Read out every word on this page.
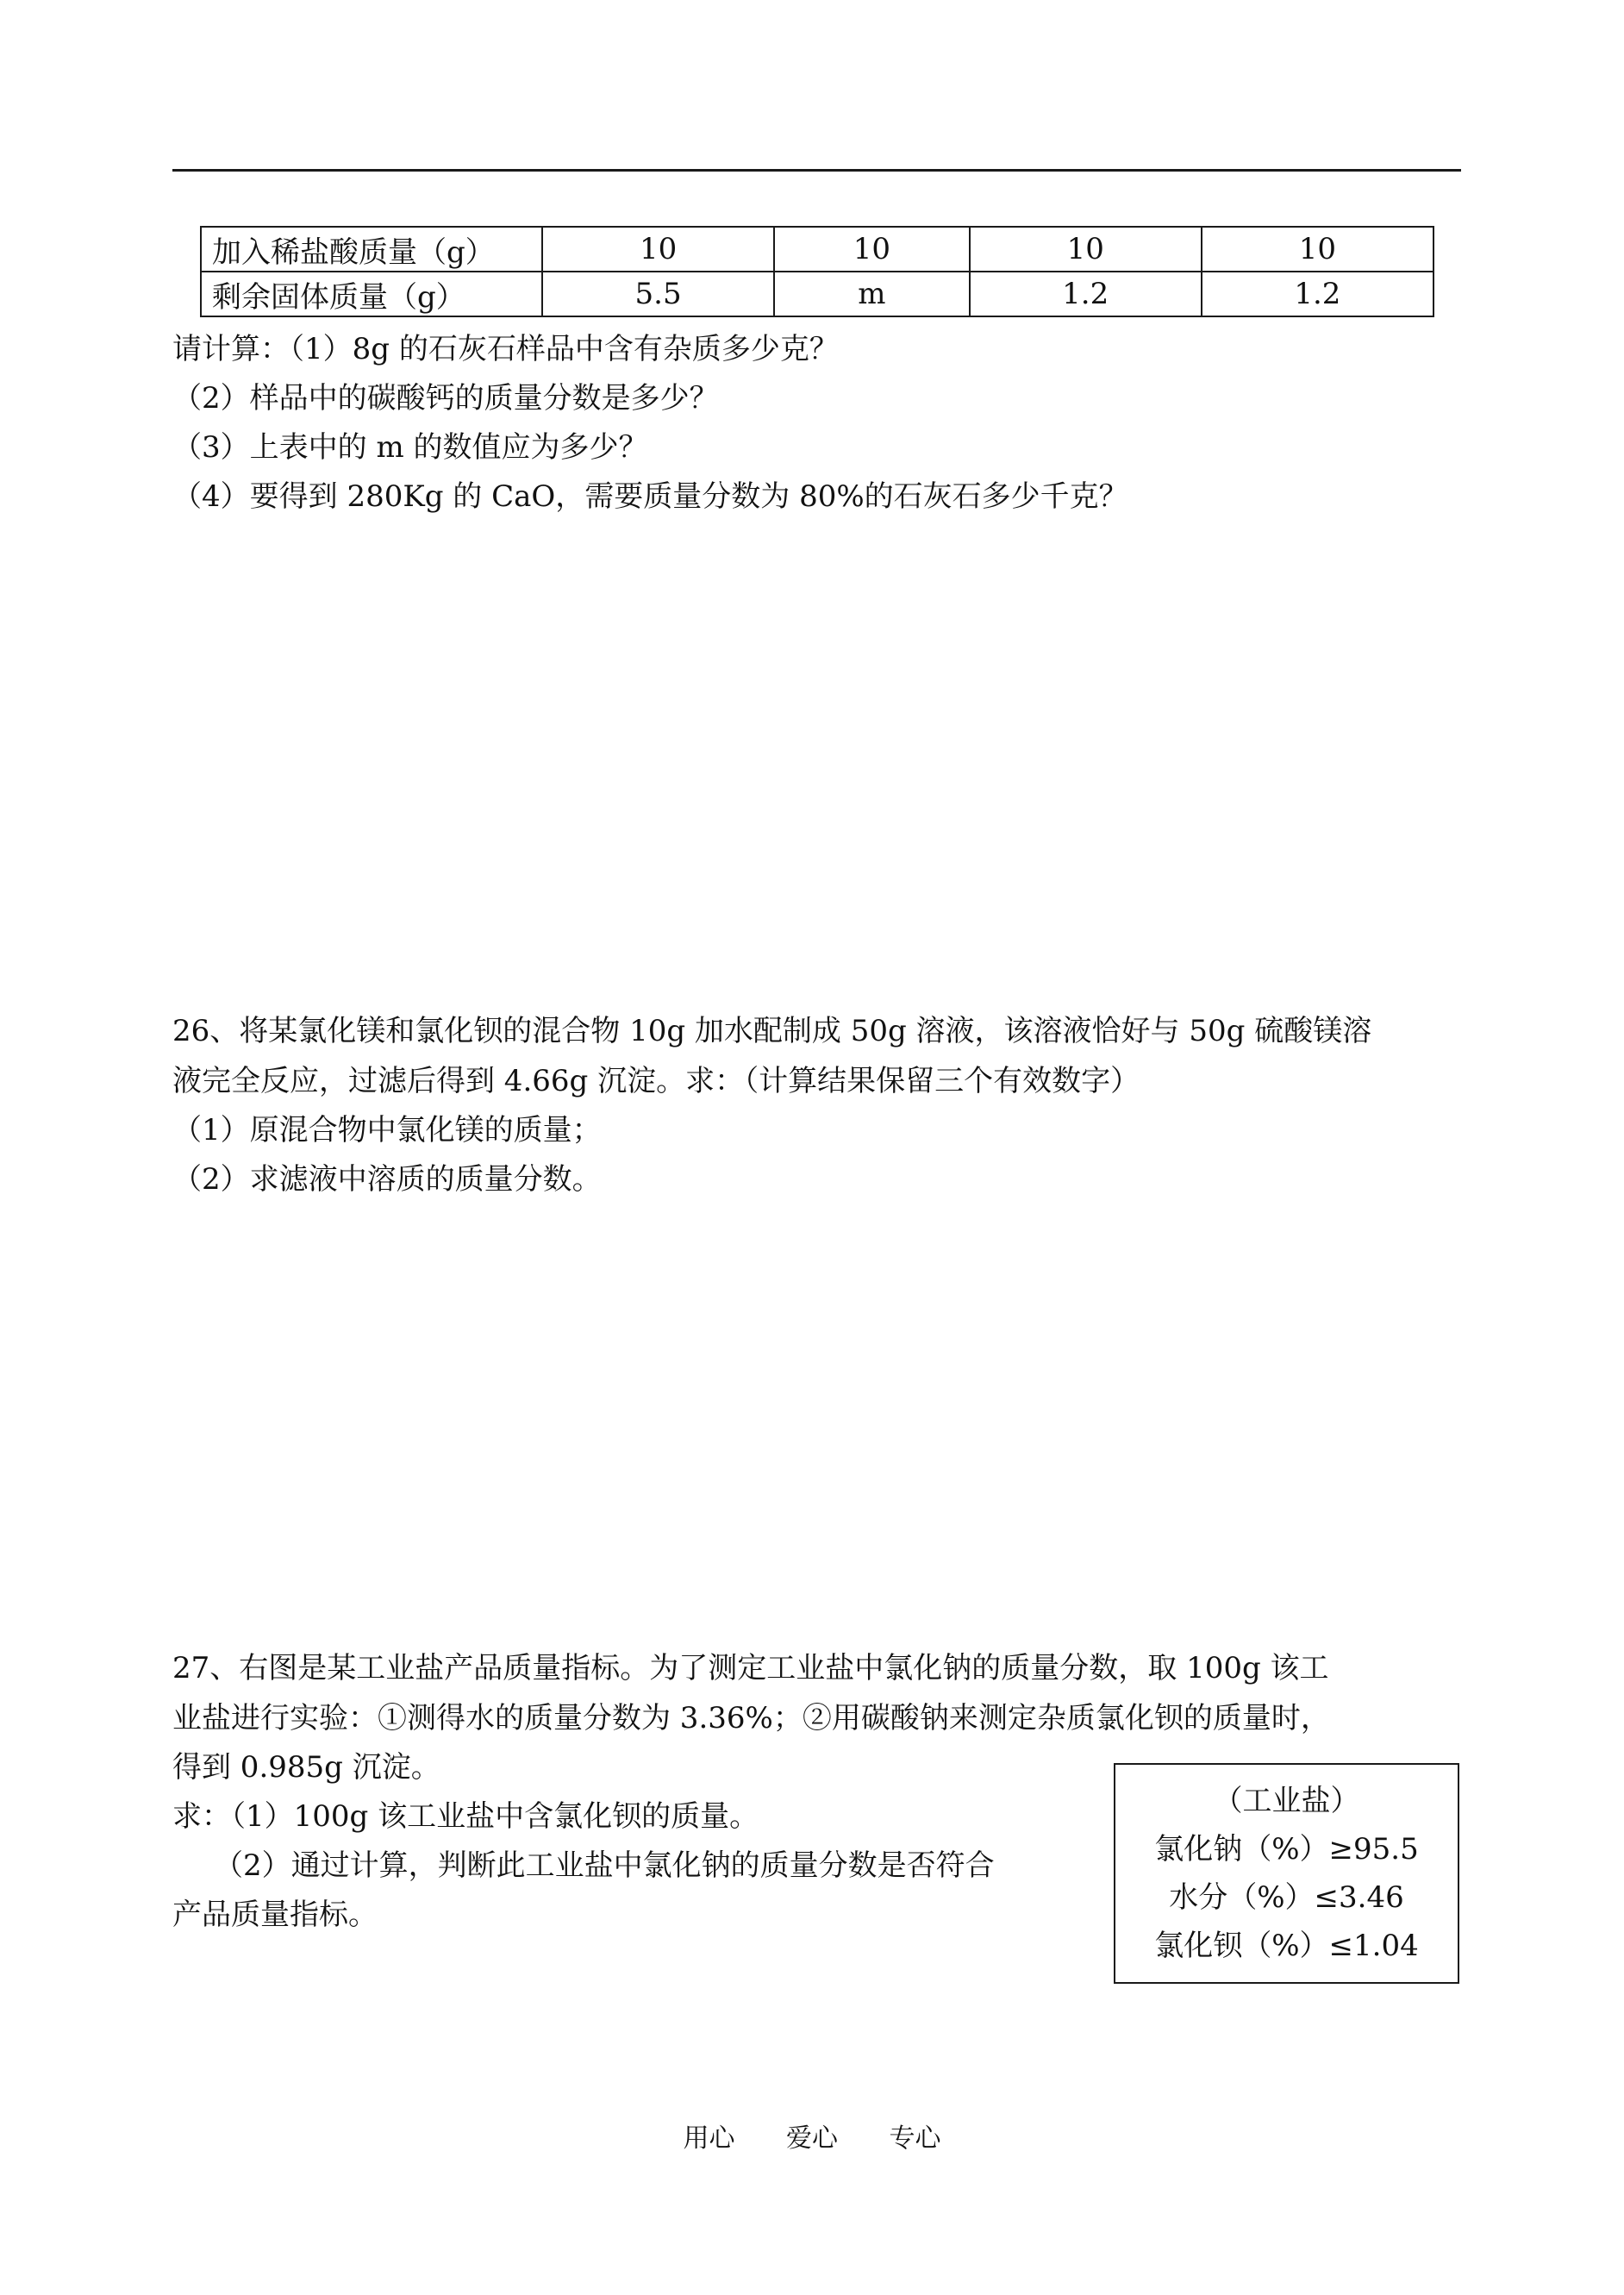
加入稀盐酸质量（g）	10	10	10	10
剩余固体质量（g）	5.5	m	1.2	1.2
请计算：（1）8g 的石灰石样品中含有杂质多少克？
（2）样品中的碳酸钙的质量分数是多少？
（3）上表中的 m 的数值应为多少？
（4）要得到 280Kg 的 CaO，需要质量分数为 80%的石灰石多少千克？
26、将某氯化镁和氯化钡的混合物 10g 加水配制成 50g 溶液，该溶液恰好与 50g 硫酸镁溶
液完全反应，过滤后得到 4.66g 沉淀。求：（计算结果保留三个有效数字）
（1）原混合物中氯化镁的质量；
（2）求滤液中溶质的质量分数。
27、右图是某工业盐产品质量指标。为了测定工业盐中氯化钠的质量分数，取 100g 该工
业盐进行实验：①测得水的质量分数为 3.36%；②用碳酸钠来测定杂质氯化钡的质量时，
得到 0.985g 沉淀。
求：（1）100g 该工业盐中含氯化钡的质量。
（2）通过计算，判断此工业盐中氯化钠的质量分数是否符合
产品质量指标。
（工业盐）
氯化钠（%）≥95.5
水分（%）≤3.46
氯化钡（%）≤1.04
用心 爱心 专心
